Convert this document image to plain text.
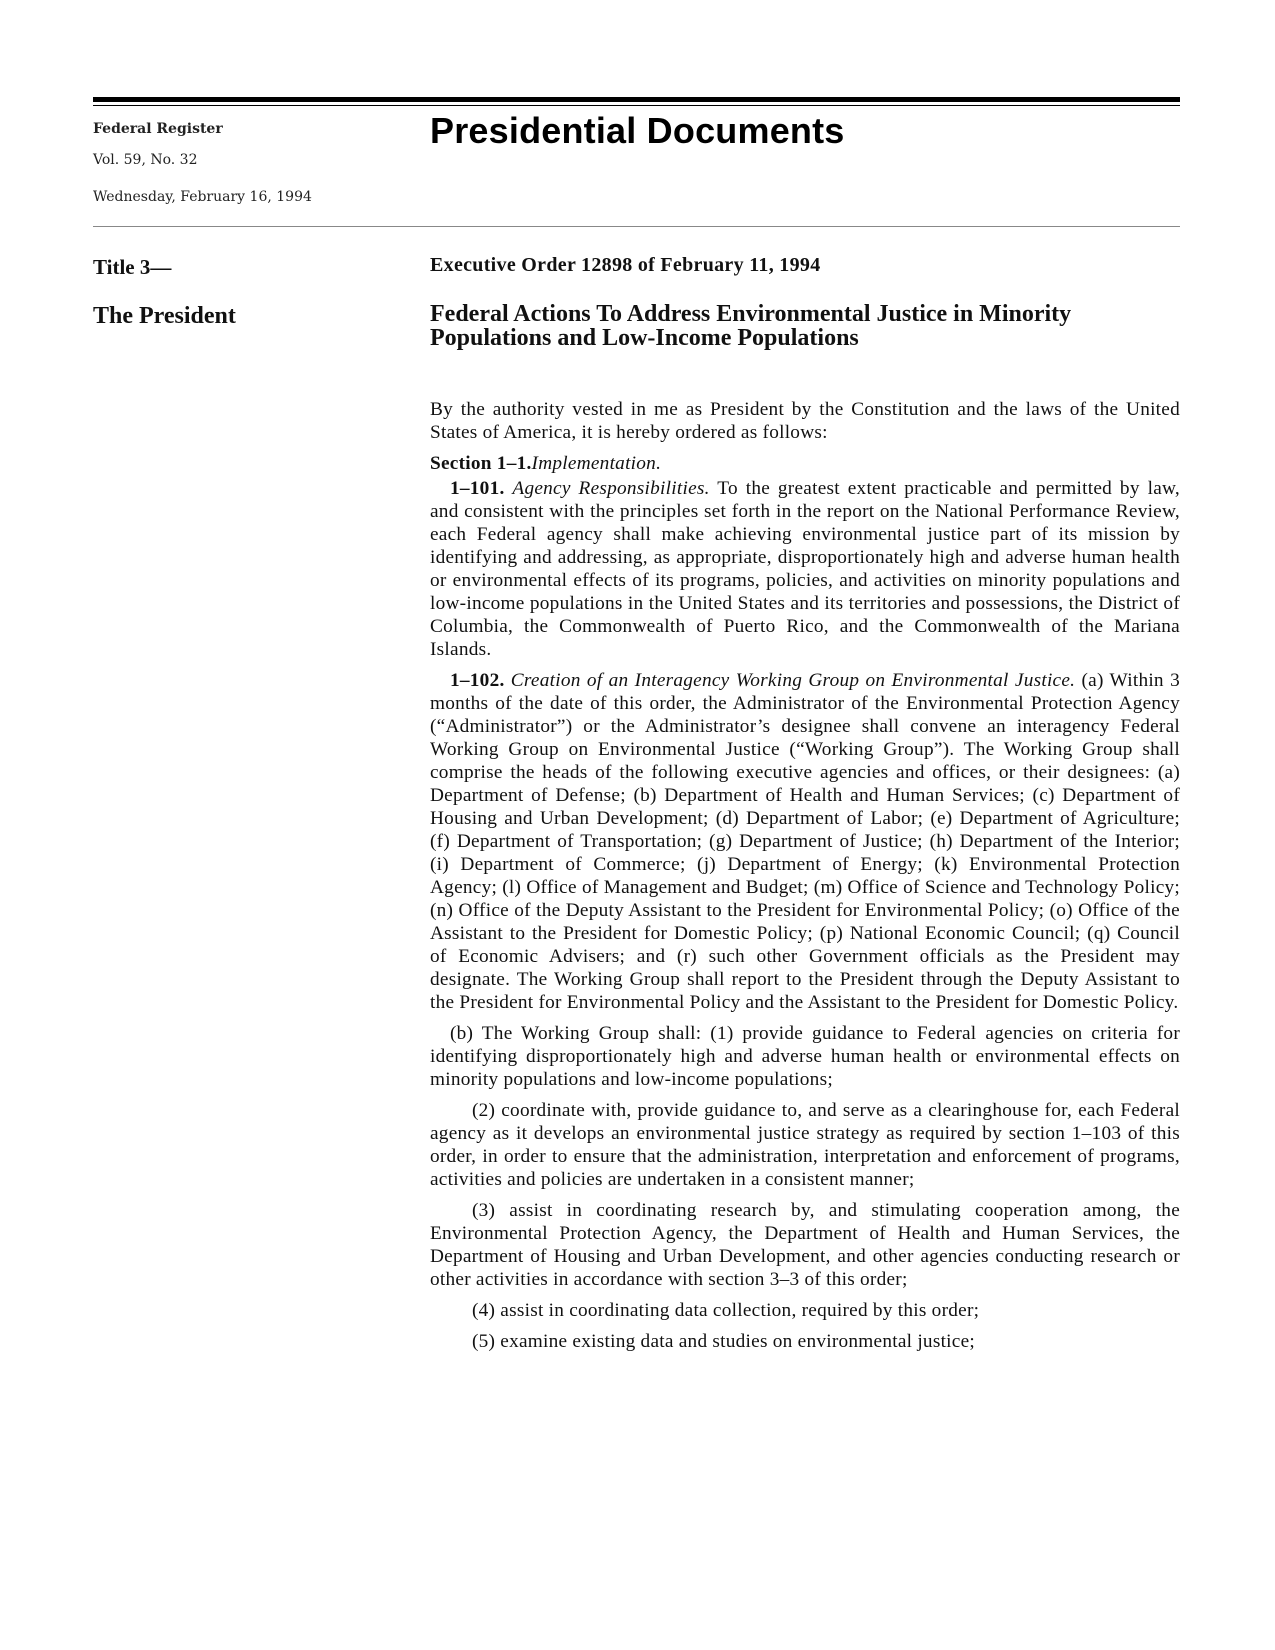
Federal Register
Vol. 59, No. 32
Wednesday, February 16, 1994
Presidential Documents
Title 3—
The President
Executive Order 12898 of February 11, 1994
Federal Actions To Address Environmental Justice in Minority Populations and Low-Income Populations

By the authority vested in me as President by the Constitution and the laws of the United States of America, it is hereby ordered as follows:

Section 1–1.Implementation.

1–101. Agency Responsibilities. To the greatest extent practicable and permitted by law, and consistent with the principles set forth in the report on the National Performance Review, each Federal agency shall make achieving environmental justice part of its mission by identifying and addressing, as appropriate, disproportionately high and adverse human health or environmental effects of its programs, policies, and activities on minority populations and low-income populations in the United States and its territories and possessions, the District of Columbia, the Commonwealth of Puerto Rico, and the Commonwealth of the Mariana Islands.

1–102. Creation of an Interagency Working Group on Environmental Justice. (a) Within 3 months of the date of this order, the Administrator of the Environmental Protection Agency (“Administrator”) or the Administrator’s designee shall convene an interagency Federal Working Group on Environmental Justice (“Working Group”). The Working Group shall comprise the heads of the following executive agencies and offices, or their designees: (a) Department of Defense; (b) Department of Health and Human Services; (c) Department of Housing and Urban Development; (d) Department of Labor; (e) Department of Agriculture; (f) Department of Transportation; (g) Department of Justice; (h) Department of the Interior; (i) Department of Commerce; (j) Department of Energy; (k) Environmental Protection Agency; (l) Office of Management and Budget; (m) Office of Science and Technology Policy; (n) Office of the Deputy Assistant to the President for Environmental Policy; (o) Office of the Assistant to the President for Domestic Policy; (p) National Economic Council; (q) Council of Economic Advisers; and (r) such other Government officials as the President may designate. The Working Group shall report to the President through the Deputy Assistant to the President for Environmental Policy and the Assistant to the President for Domestic Policy.

(b) The Working Group shall: (1) provide guidance to Federal agencies on criteria for identifying disproportionately high and adverse human health or environmental effects on minority populations and low-income populations;

(2) coordinate with, provide guidance to, and serve as a clearinghouse for, each Federal agency as it develops an environmental justice strategy as required by section 1–103 of this order, in order to ensure that the administration, interpretation and enforcement of programs, activities and policies are undertaken in a consistent manner;

(3) assist in coordinating research by, and stimulating cooperation among, the Environmental Protection Agency, the Department of Health and Human Services, the Department of Housing and Urban Development, and other agencies conducting research or other activities in accordance with section 3–3 of this order;

(4) assist in coordinating data collection, required by this order;

(5) examine existing data and studies on environmental justice;
